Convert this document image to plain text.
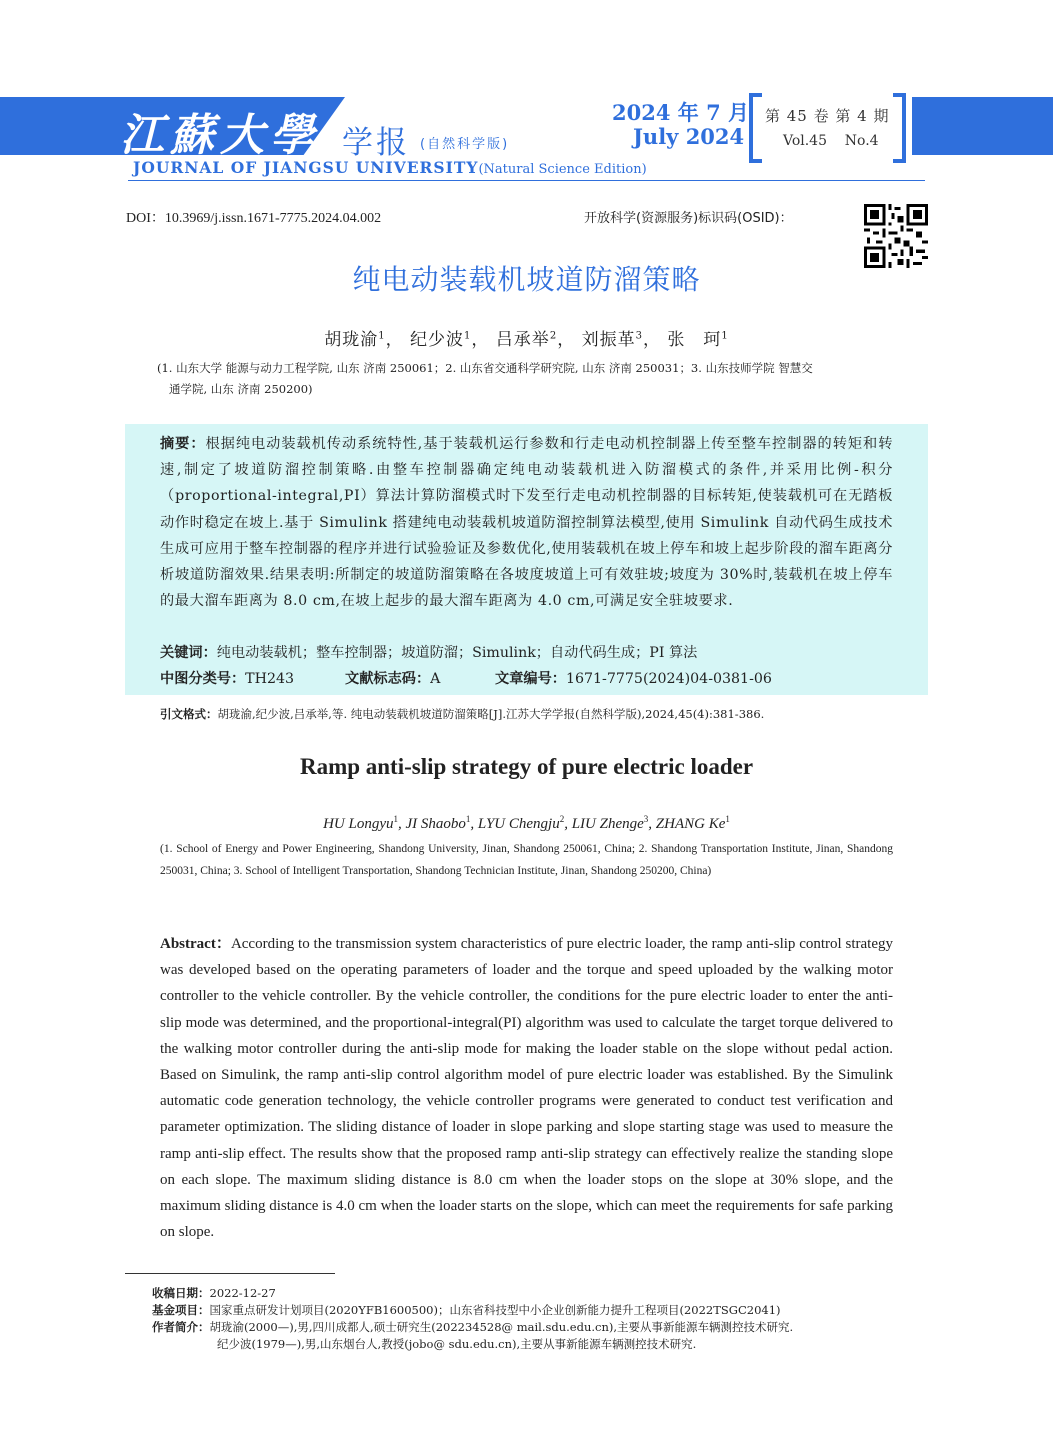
江蘇大學 学报 (自然科学版)
2024 年 7 月
July 2024
第 45 卷 第 4 期
Vol.45    No.4
JOURNAL OF JIANGSU UNIVERSITY(Natural Science Edition)
DOI：10.3969/j.issn.1671-7775.2024.04.002	开放科学(资源服务)标识码(OSID)：
纯电动装载机坡道防溜策略
胡珑渝$^1$， 纪少波$^1$， 吕承举$^2$， 刘振革$^3$， 张　珂$^1$
(1. 山东大学 能源与动力工程学院, 山东 济南 250061；2. 山东省交通科学研究院, 山东 济南 250031；3. 山东技师学院 智慧交
通学院, 山东 济南 250200)
摘要：根据纯电动装载机传动系统特性,基于装载机运行参数和行走电动机控制器上传至整车控制器的转矩和转速,制定了坡道防溜控制策略.由整车控制器确定纯电动装载机进入防溜模式的条件,并采用比例-积分（proportional-integral,PI）算法计算防溜模式时下发至行走电动机控制器的目标转矩,使装载机可在无踏板动作时稳定在坡上.基于 Simulink 搭建纯电动装载机坡道防溜控制算法模型,使用 Simulink 自动代码生成技术生成可应用于整车控制器的程序并进行试验验证及参数优化,使用装载机在坡上停车和坡上起步阶段的溜车距离分析坡道防溜效果.结果表明:所制定的坡道防溜策略在各坡度坡道上可有效驻坡;坡度为 30%时,装载机在坡上停车的最大溜车距离为 8.0 cm,在坡上起步的最大溜车距离为 4.0 cm,可满足安全驻坡要求.
关键词：纯电动装载机；整车控制器；坡道防溜；Simulink；自动代码生成；PI 算法
中图分类号：TH243	文献标志码：A	文章编号：1671-7775(2024)04-0381-06
引文格式：胡珑渝,纪少波,吕承举,等. 纯电动装载机坡道防溜策略[J].江苏大学学报(自然科学版),2024,45(4):381-386.
Ramp anti-slip strategy of pure electric loader
HU Longyu$^1$, JI Shaobo$^1$, LYU Chengju$^2$, LIU Zhenge$^3$, ZHANG Ke$^1$
(1. School of Energy and Power Engineering, Shandong University, Jinan, Shandong 250061, China; 2. Shandong Transportation Institute, Jinan, Shandong 250031, China; 3. School of Intelligent Transportation, Shandong Technician Institute, Jinan, Shandong 250200, China)
Abstract：According to the transmission system characteristics of pure electric loader, the ramp anti-slip control strategy was developed based on the operating parameters of loader and the torque and speed uploaded by the walking motor controller to the vehicle controller. By the vehicle controller, the conditions for the pure electric loader to enter the anti-slip mode was determined, and the proportional-integral(PI) algorithm was used to calculate the target torque delivered to the walking motor controller during the anti-slip mode for making the loader stable on the slope without pedal action. Based on Simulink, the ramp anti-slip control algorithm model of pure electric loader was established. By the Simulink automatic code generation technology, the vehicle controller programs were generated to conduct test verification and parameter optimization. The sliding distance of loader in slope parking and slope starting stage was used to measure the ramp anti-slip effect. The results show that the proposed ramp anti-slip strategy can effectively realize the standing slope on each slope. The maximum sliding distance is 8.0 cm when the loader stops on the slope at 30% slope, and the maximum sliding distance is 4.0 cm when the loader starts on the slope, which can meet the requirements for safe parking on slope.
收稿日期：2022-12-27
基金项目：国家重点研发计划项目(2020YFB1600500)；山东省科技型中小企业创新能力提升工程项目(2022TSGC2041)
作者简介：胡珑渝(2000—),男,四川成都人,硕士研究生(202234528@ mail.sdu.edu.cn),主要从事新能源车辆测控技术研究.
纪少波(1979—),男,山东烟台人,教授(jobo@ sdu.edu.cn),主要从事新能源车辆测控技术研究.
